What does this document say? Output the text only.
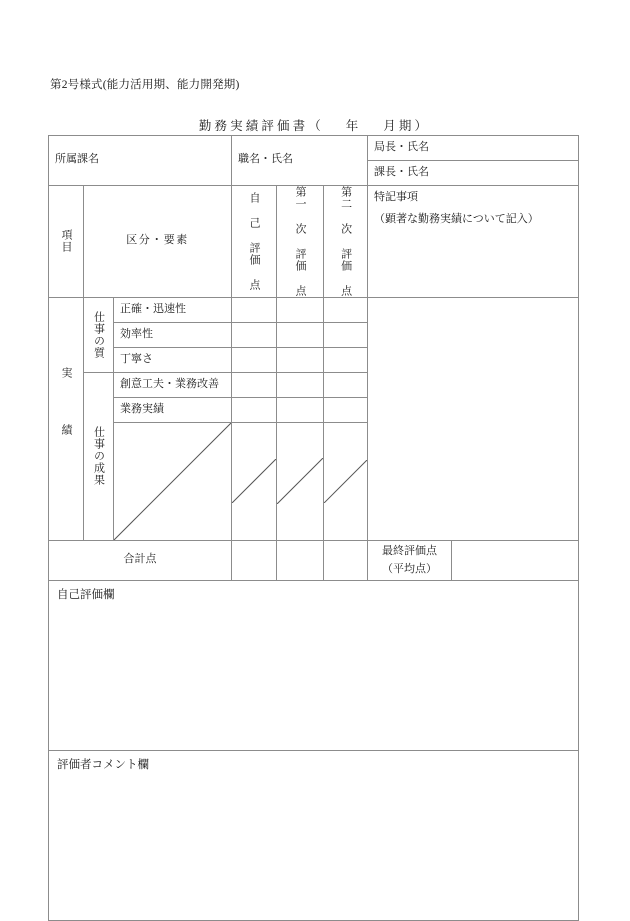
第2号様式(能力活用期、能力開発期)
勤 務 実 績 評 価 書 （　　年　　月 期 ）
所属課名			職名・氏名			局長・氏名	

						課長・氏名	

項目	区分・要素		自 己 評価 点	第一 次 評価 点	第二 次 評価 点	特記事項
（顕著な勤務実績について記入）	

実績	仕事の質	正確・迅速性					

		効率性					

		丁寧さ					

	仕事の成果	創意工夫・業務改善					

		業務実績					

合計点						最終評価点
（平均点）	

自己評価欄							

評価者コメント欄							
